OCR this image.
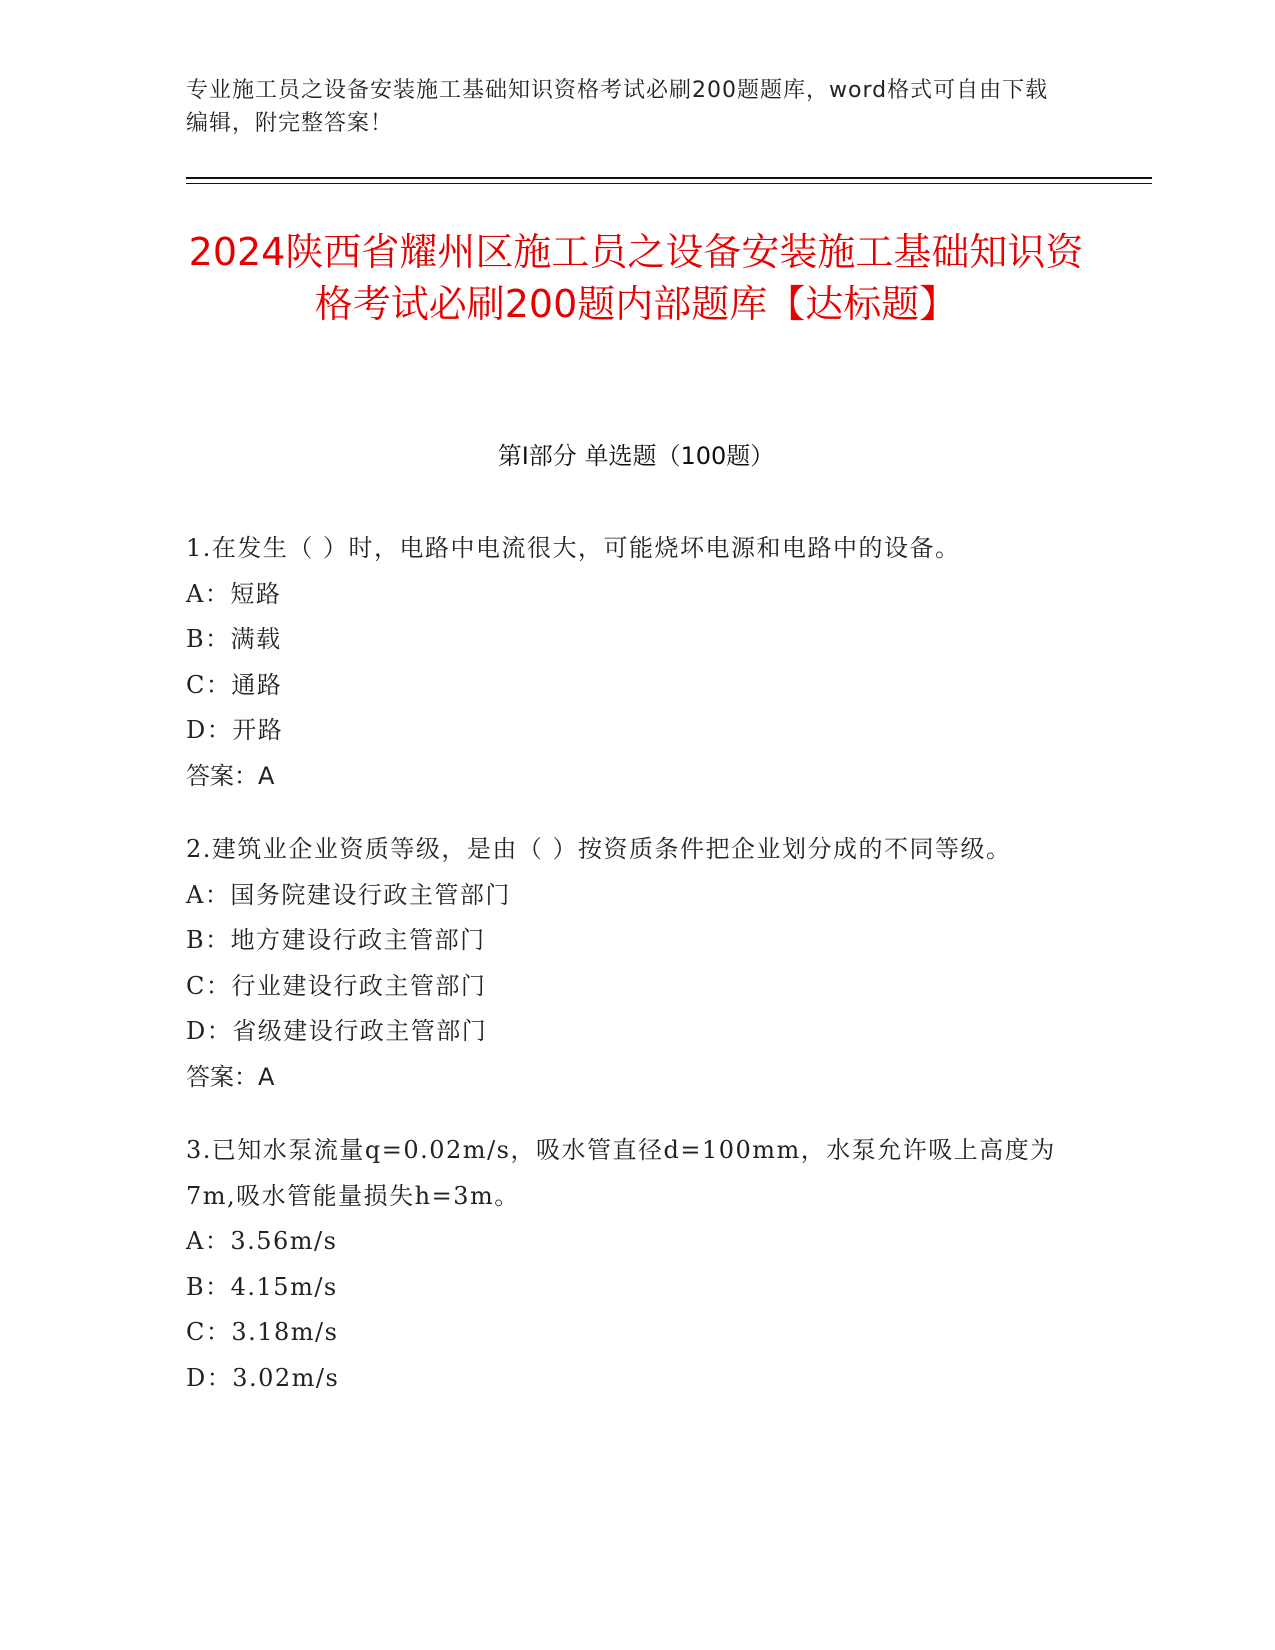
专业施工员之设备安装施工基础知识资格考试必刷200题题库，word格式可自由下载编辑，附完整答案！
2024陕西省耀州区施工员之设备安装施工基础知识资格考试必刷200题内部题库【达标题】
第I部分 单选题（100题）
1.在发生（ ）时，电路中电流很大，可能烧坏电源和电路中的设备。
A：短路
B：满载
C：通路
D：开路
答案：A
2.建筑业企业资质等级，是由（ ）按资质条件把企业划分成的不同等级。
A：国务院建设行政主管部门
B：地方建设行政主管部门
C：行业建设行政主管部门
D：省级建设行政主管部门
答案：A
3.已知水泵流量q=0.02m/s，吸水管直径d=100mm，水泵允许吸上高度为7m,吸水管能量损失h=3m。
A：3.56m/s
B：4.15m/s
C：3.18m/s
D：3.02m/s
